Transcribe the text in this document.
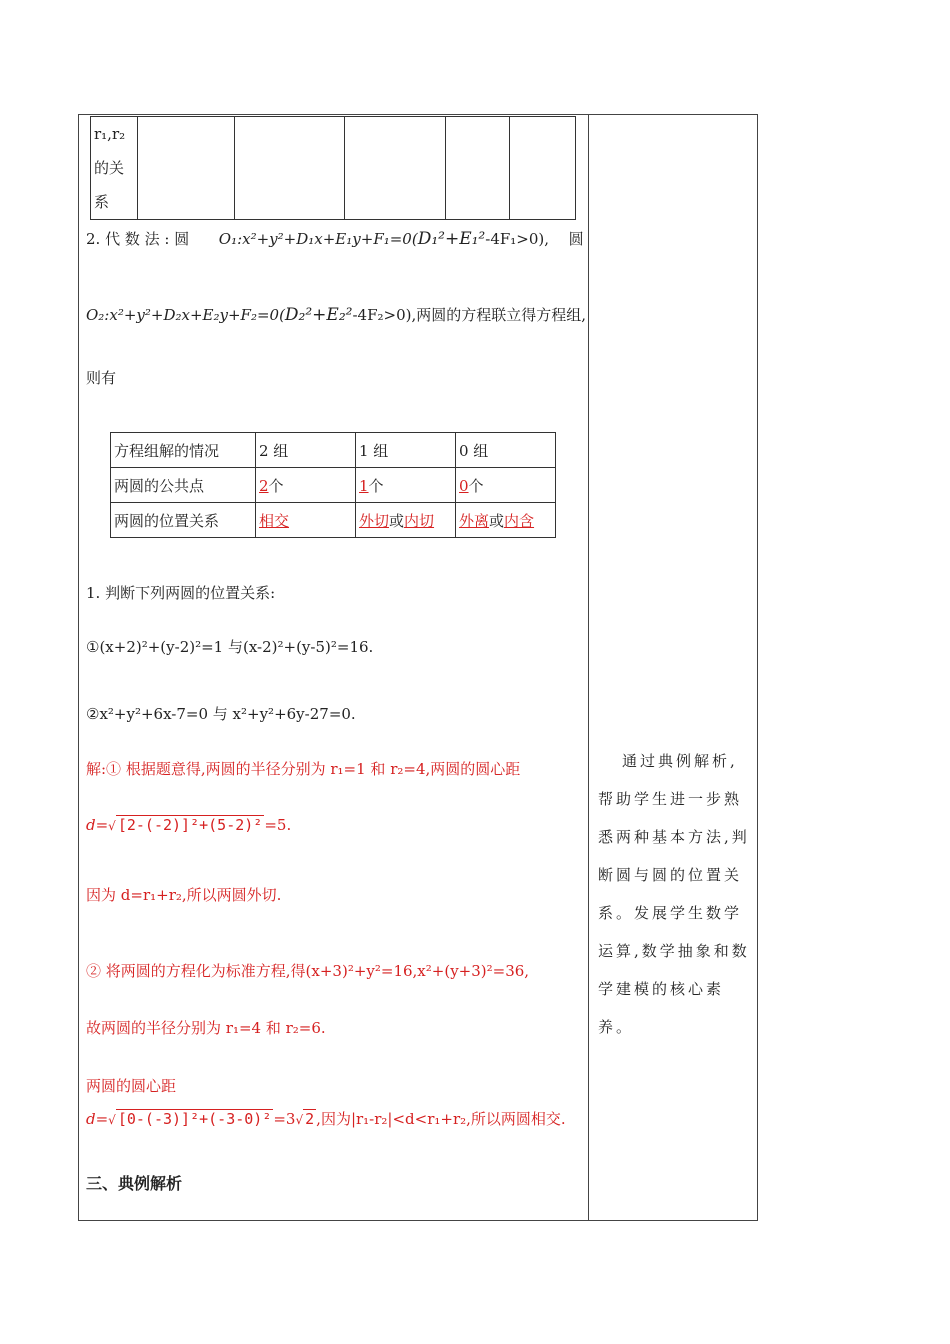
r₁,r₂的关系					
2. 代 数 法 : 圆 O₁:x²+y²+D₁x+E₁y+F₁=0(D₁²+E₁²-4F₁>0), 圆
O₂:x²+y²+D₂x+E₂y+F₂=0(D₂²+E₂²-4F₂>0),两圆的方程联立得方程组,
则有
方程组解的情况	2 组	1 组	0 组
两圆的公共点	2个	1个	0个
两圆的位置关系	相交	外切或内切	外离或内含
1. 判断下列两圆的位置关系:
①(x+2)²+(y-2)²=1 与(x-2)²+(y-5)²=16.
②x²+y²+6x-7=0 与 x²+y²+6y-27=0.
解:① 根据题意得,两圆的半径分别为 r₁=1 和 r₂=4,两圆的圆心距
d=√ [2-(-2)]²+(5-2)² =5.
因为 d=r₁+r₂,所以两圆外切.
② 将两圆的方程化为标准方程,得(x+3)²+y²=16,x²+(y+3)²=36,
故两圆的半径分别为 r₁=4 和 r₂=6.
两圆的圆心距
d=√ [0-(-3)]²+(-3-0)² =3√ 2 ,因为|r₁-r₂|<d<r₁+r₂,所以两圆相交.
三、典例解析

通过典例解析,帮助学生进一步熟悉两种基本方法,判断圆与圆的位置关系。发展学生数学运算,数学抽象和数学建模的核心素养。
